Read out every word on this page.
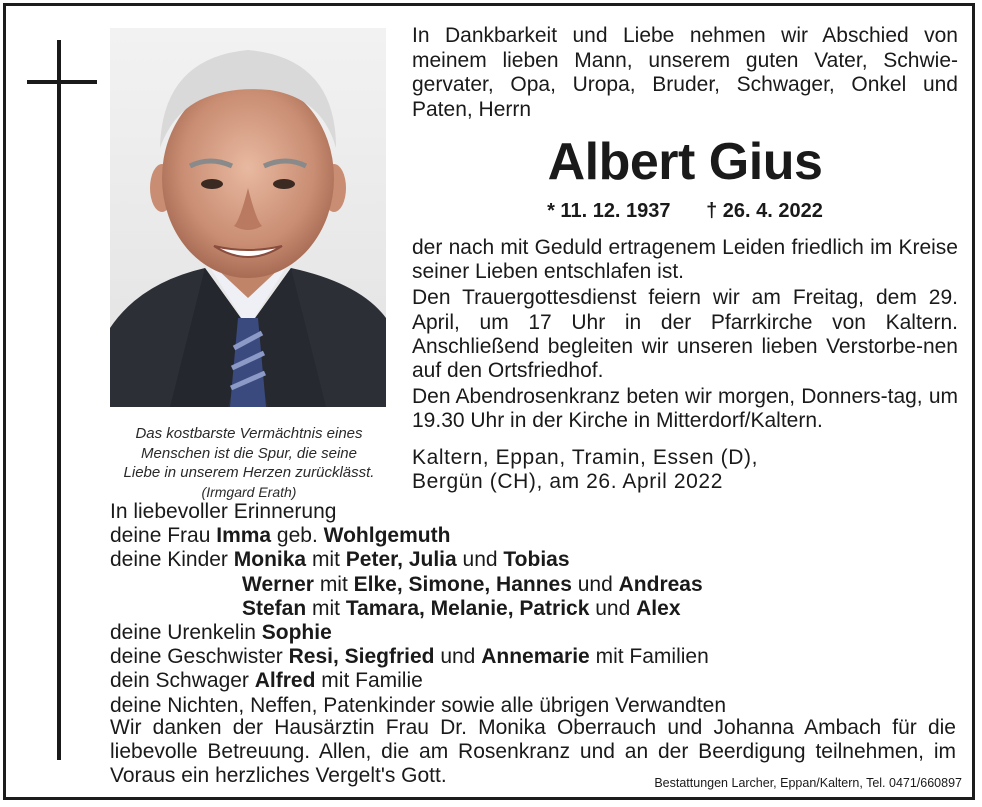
Das kostbarste Vermächtnis eines
Menschen ist die Spur, die seine
Liebe in unserem Herzen zurücklässt.
(Irmgard Erath)

In Dankbarkeit und Liebe nehmen wir Abschied von meinem lieben Mann, unserem guten Vater, Schwie-gervater, Opa, Uropa, Bruder, Schwager, Onkel und Paten, Herrn

Albert Gius
* 11. 12. 1937 † 26. 4. 2022

der nach mit Geduld ertragenem Leiden friedlich im Kreise seiner Lieben entschlafen ist.

Den Trauergottesdienst feiern wir am Freitag, dem 29. April, um 17 Uhr in der Pfarrkirche von Kaltern. Anschließend begleiten wir unseren lieben Verstorbe-nen auf den Ortsfriedhof.

Den Abendrosenkranz beten wir morgen, Donners-tag, um 19.30 Uhr in der Kirche in Mitterdorf/Kaltern.

Kaltern, Eppan, Tramin, Essen (D),
Bergün (CH), am 26. April 2022
In liebevoller Erinnerung
deine Frau Imma geb. Wohlgemuth
deine Kinder Monika mit Peter, Julia und Tobias
Werner mit Elke, Simone, Hannes und Andreas
Stefan mit Tamara, Melanie, Patrick und Alex
deine Urenkelin Sophie
deine Geschwister Resi, Siegfried und Annemarie mit Familien
dein Schwager Alfred mit Familie
deine Nichten, Neffen, Patenkinder sowie alle übrigen Verwandten

Wir danken der Hausärztin Frau Dr. Monika Oberrauch und Johanna Ambach für die liebevolle Betreuung. Allen, die am Rosenkranz und an der Beerdigung teilnehmen, im Voraus ein herzliches Vergelt's Gott.	Bestattungen Larcher, Eppan/Kaltern, Tel. 0471/660897
